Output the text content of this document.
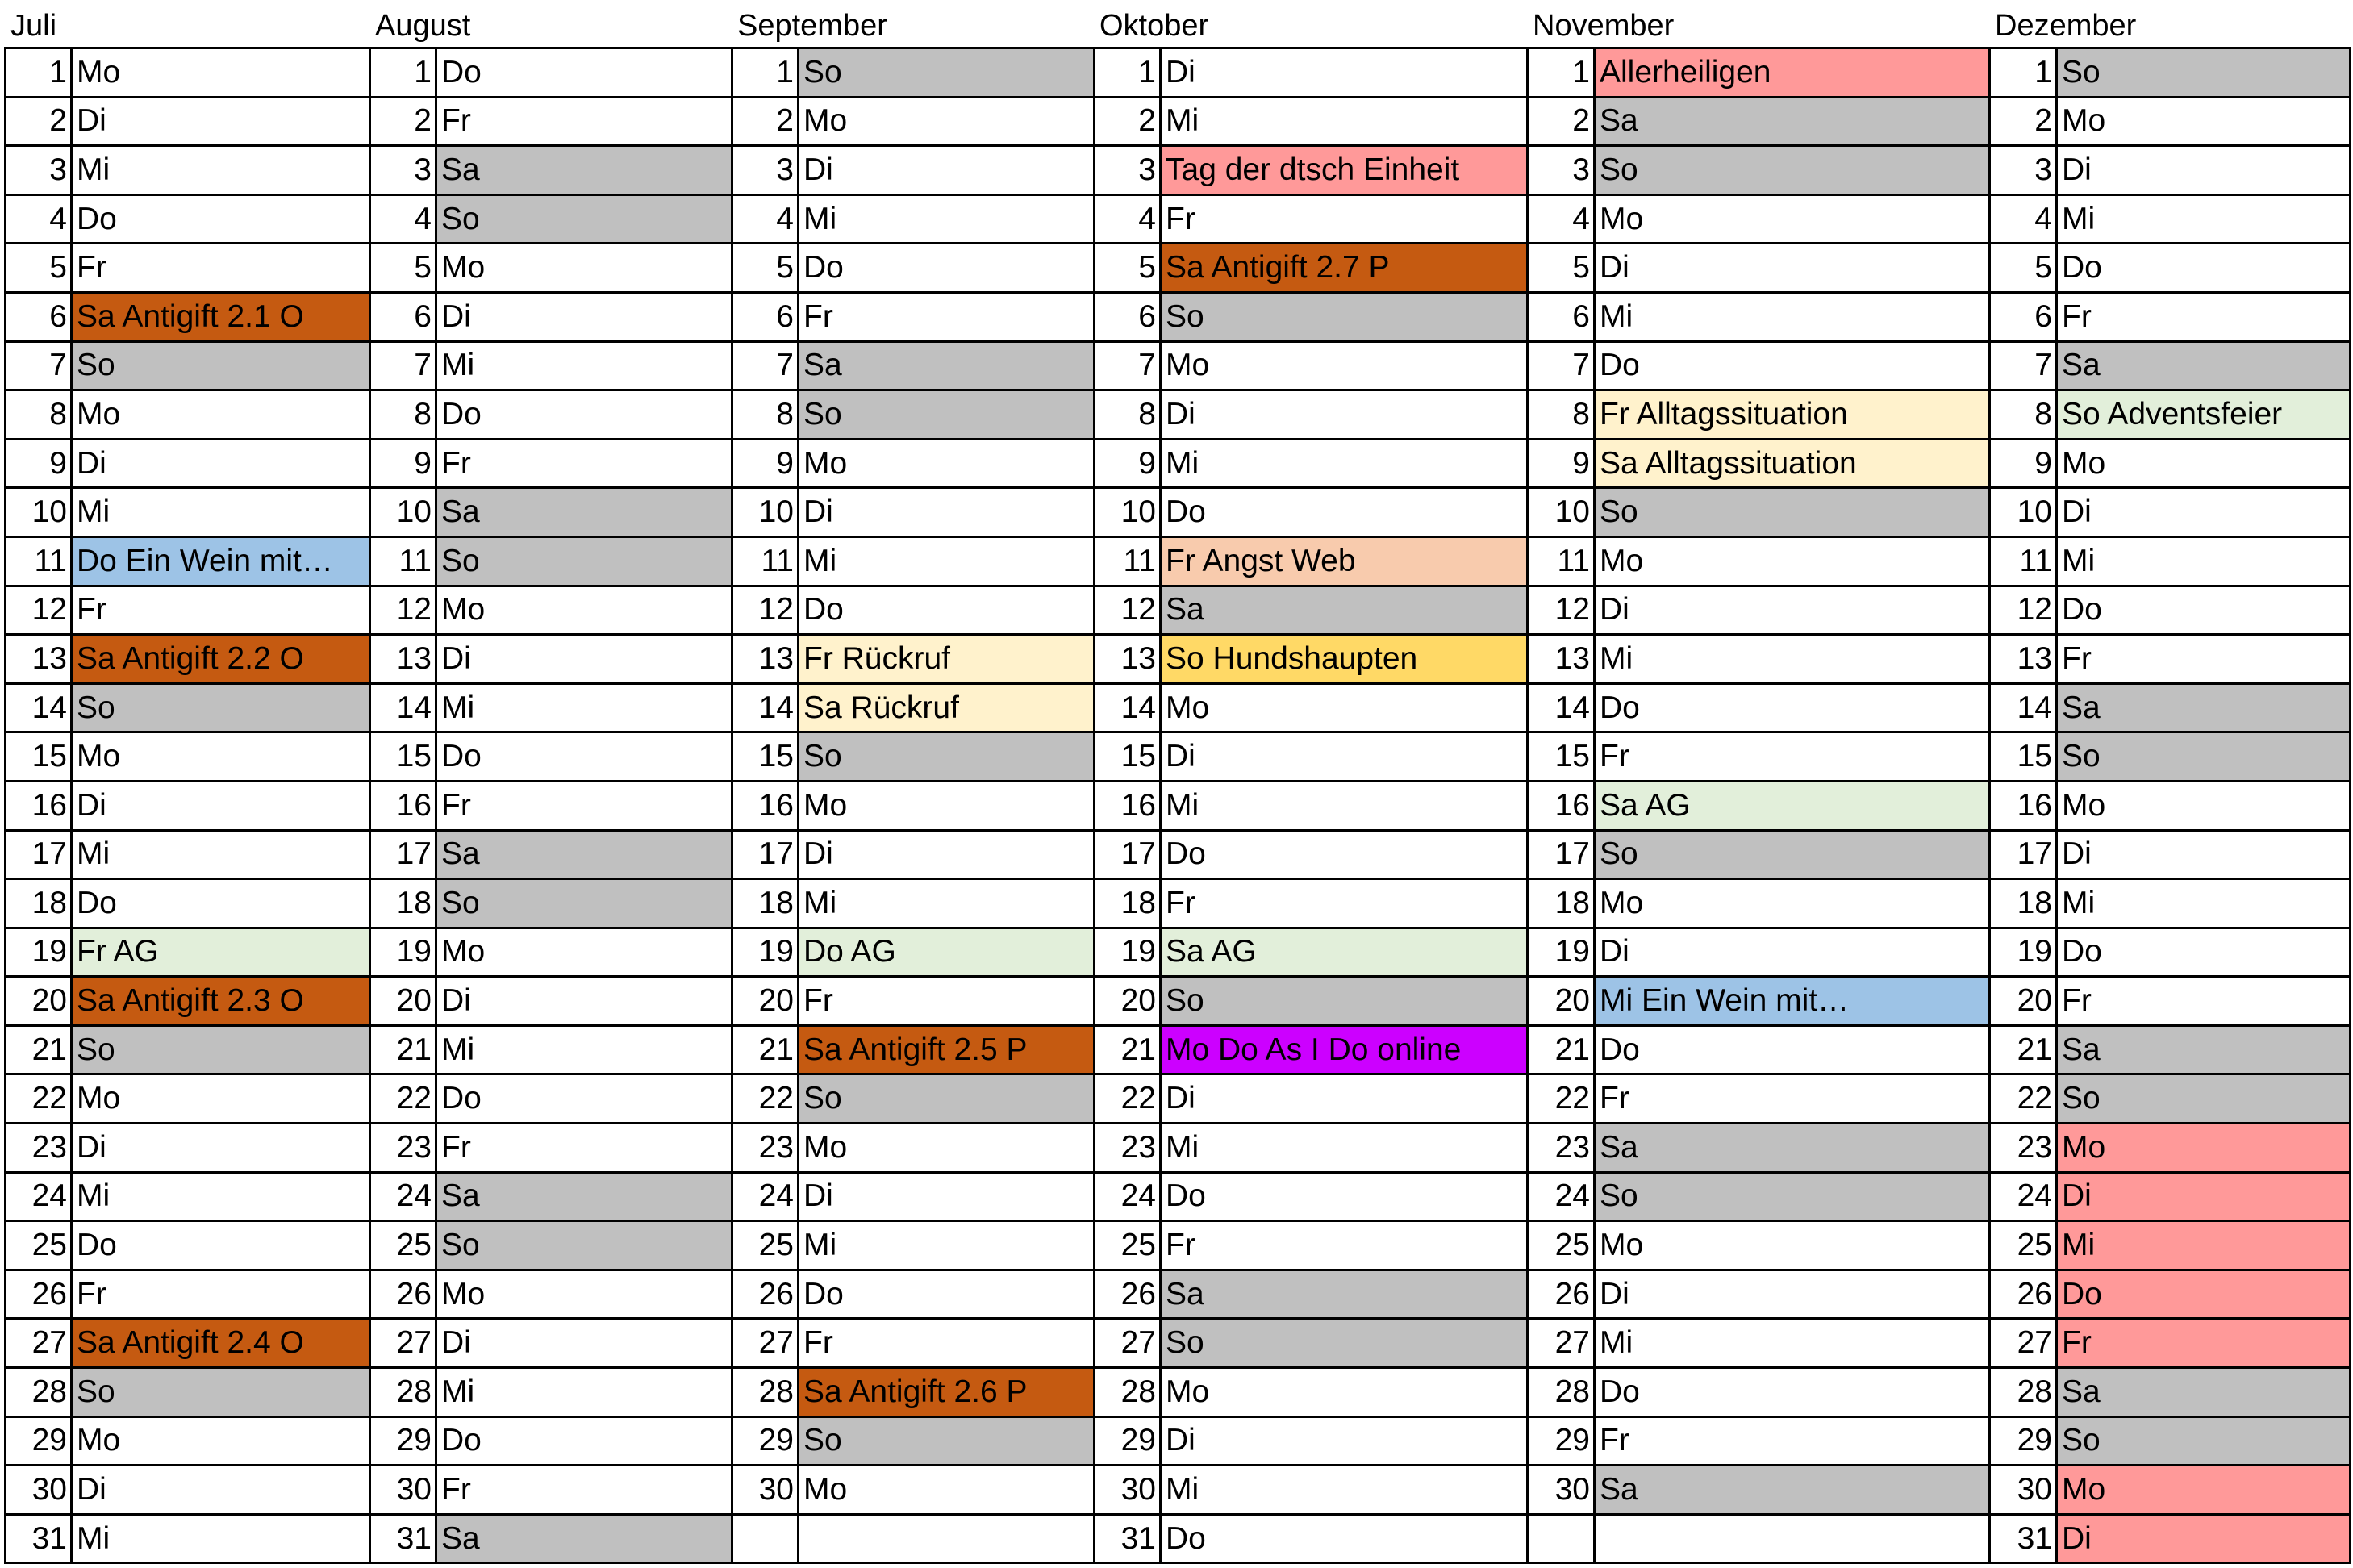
Juli
1	Mo
2	Di
3	Mi
4	Do
5	Fr
6	Sa Antigift 2.1 O
7	So
8	Mo
9	Di
10	Mi
11	Do Ein Wein mit…
12	Fr
13	Sa Antigift 2.2 O
14	So
15	Mo
16	Di
17	Mi
18	Do
19	Fr AG
20	Sa Antigift 2.3 O
21	So
22	Mo
23	Di
24	Mi
25	Do
26	Fr
27	Sa Antigift 2.4 O
28	So
29	Mo
30	Di
31	Mi
August
1	Do
2	Fr
3	Sa
4	So
5	Mo
6	Di
7	Mi
8	Do
9	Fr
10	Sa
11	So
12	Mo
13	Di
14	Mi
15	Do
16	Fr
17	Sa
18	So
19	Mo
20	Di
21	Mi
22	Do
23	Fr
24	Sa
25	So
26	Mo
27	Di
28	Mi
29	Do
30	Fr
31	Sa
September
1	So
2	Mo
3	Di
4	Mi
5	Do
6	Fr
7	Sa
8	So
9	Mo
10	Di
11	Mi
12	Do
13	Fr Rückruf
14	Sa Rückruf
15	So
16	Mo
17	Di
18	Mi
19	Do AG
20	Fr
21	Sa Antigift 2.5 P
22	So
23	Mo
24	Di
25	Mi
26	Do
27	Fr
28	Sa Antigift 2.6 P
29	So
30	Mo

Oktober
1	Di
2	Mi
3	Tag der dtsch Einheit
4	Fr
5	Sa Antigift 2.7 P
6	So
7	Mo
8	Di
9	Mi
10	Do
11	Fr Angst Web
12	Sa
13	So Hundshaupten
14	Mo
15	Di
16	Mi
17	Do
18	Fr
19	Sa AG
20	So
21	Mo Do As I Do online
22	Di
23	Mi
24	Do
25	Fr
26	Sa
27	So
28	Mo
29	Di
30	Mi
31	Do
November
1	Allerheiligen
2	Sa
3	So
4	Mo
5	Di
6	Mi
7	Do
8	Fr Alltagssituation
9	Sa Alltagssituation
10	So
11	Mo
12	Di
13	Mi
14	Do
15	Fr
16	Sa AG
17	So
18	Mo
19	Di
20	Mi Ein Wein mit…
21	Do
22	Fr
23	Sa
24	So
25	Mo
26	Di
27	Mi
28	Do
29	Fr
30	Sa

Dezember
1	So
2	Mo
3	Di
4	Mi
5	Do
6	Fr
7	Sa
8	So Adventsfeier
9	Mo
10	Di
11	Mi
12	Do
13	Fr
14	Sa
15	So
16	Mo
17	Di
18	Mi
19	Do
20	Fr
21	Sa
22	So
23	Mo
24	Di
25	Mi
26	Do
27	Fr
28	Sa
29	So
30	Mo
31	Di
